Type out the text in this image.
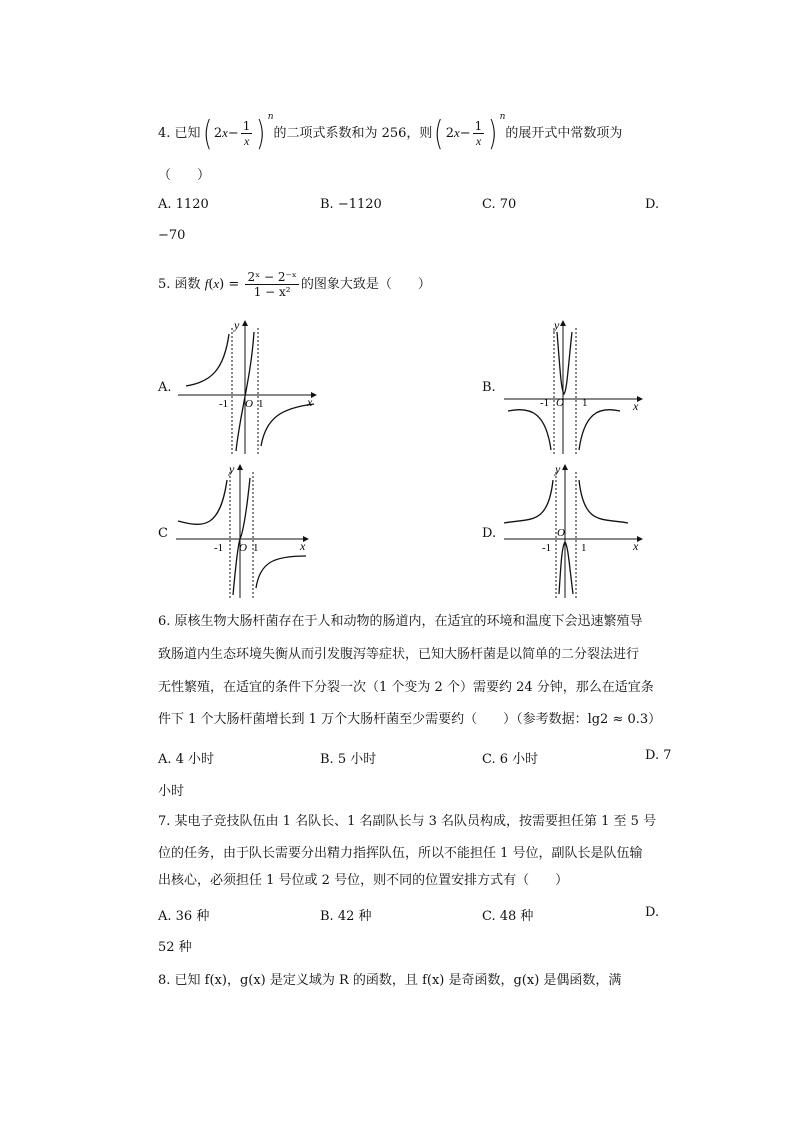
4. 已知( $2x- \frac{1}{x}$ ) $^n$的二项式系数和为 256，则( $2x- \frac{1}{x}$ ) $^n$的展开式中常数项为
（　　）
A. 1120	B. −1120	C. 70	D.
−70
5. 函数 $f(x) = \frac{\text{2ˣ − 2⁻ˣ}}{\text{1 − x²}}$ 的图象大致是（　　）
A.
y
x
-1 O 1
B.
y
x
-1 O 1
C
y
x
-1 O 1
D.
y
x
-1
O
1
6. 原核生物大肠杆菌存在于人和动物的肠道内，在适宜的环境和温度下会迅速繁殖导
致肠道内生态环境失衡从而引发腹泻等症状，已知大肠杆菌是以简单的二分裂法进行
无性繁殖，在适宜的条件下分裂一次（1 个变为 2 个）需要约 24 分钟，那么在适宜条
件下 1 个大肠杆菌增长到 1 万个大肠杆菌至少需要约（　　）（参考数据：lg2 ≈ 0.3）
A. 4 小时	B. 5 小时	C. 6 小时	D. 7
小时
7. 某电子竞技队伍由 1 名队长、1 名副队长与 3 名队员构成，按需要担任第 1 至 5 号
位的任务，由于队长需要分出精力指挥队伍，所以不能担任 1 号位，副队长是队伍输
出核心，必须担任 1 号位或 2 号位，则不同的位置安排方式有（　　）
A. 36 种	B. 42 种	C. 48 种	D.
52 种
8. 已知 f(x)，g(x) 是定义域为 R 的函数，且 f(x) 是奇函数，g(x) 是偶函数，满
